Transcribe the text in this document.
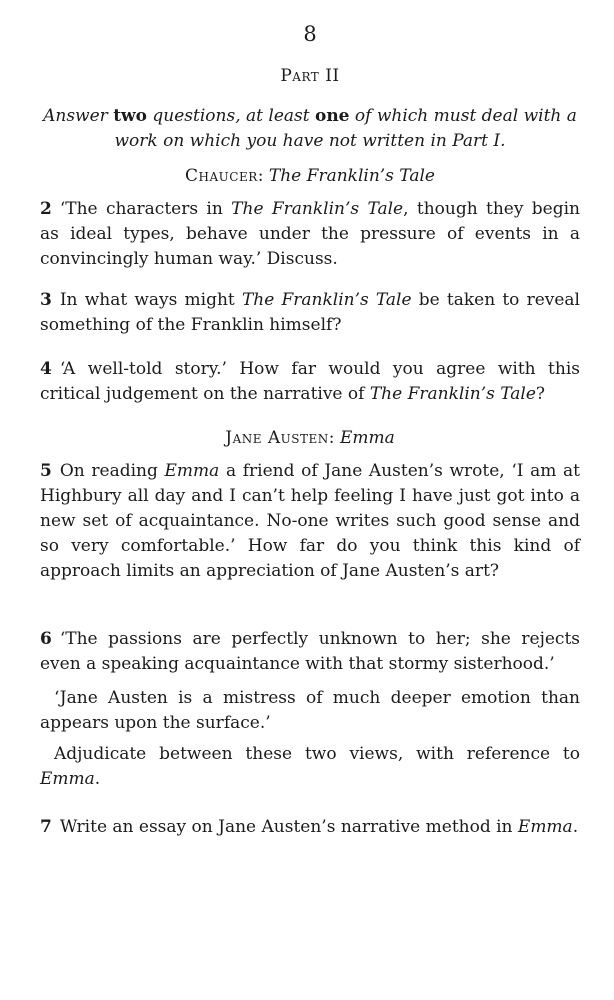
8
Part II
Answer two questions, at least one of which must deal with a work on which you have not written in Part I.
Chaucer: The Franklin’s Tale
2 ‘The characters in The Franklin’s Tale, though they begin as ideal types, behave under the pressure of events in a convincingly human way.’ Discuss.
3 In what ways might The Franklin’s Tale be taken to reveal something of the Franklin himself?
4 ‘A well-told story.’ How far would you agree with this critical judgement on the narrative of The Franklin’s Tale?
Jane Austen: Emma
5 On reading Emma a friend of Jane Austen’s wrote, ‘I am at Highbury all day and I can’t help feeling I have just got into a new set of acquaintance. No-one writes such good sense and so very comfortable.’ How far do you think this kind of approach limits an appreciation of Jane Austen’s art?
6 ‘The passions are perfectly unknown to her; she rejects even a speaking acquaintance with that stormy sisterhood.’
‘Jane Austen is a mistress of much deeper emotion than appears upon the surface.’
Adjudicate between these two views, with reference to Emma.
7 Write an essay on Jane Austen’s narrative method in Emma.
